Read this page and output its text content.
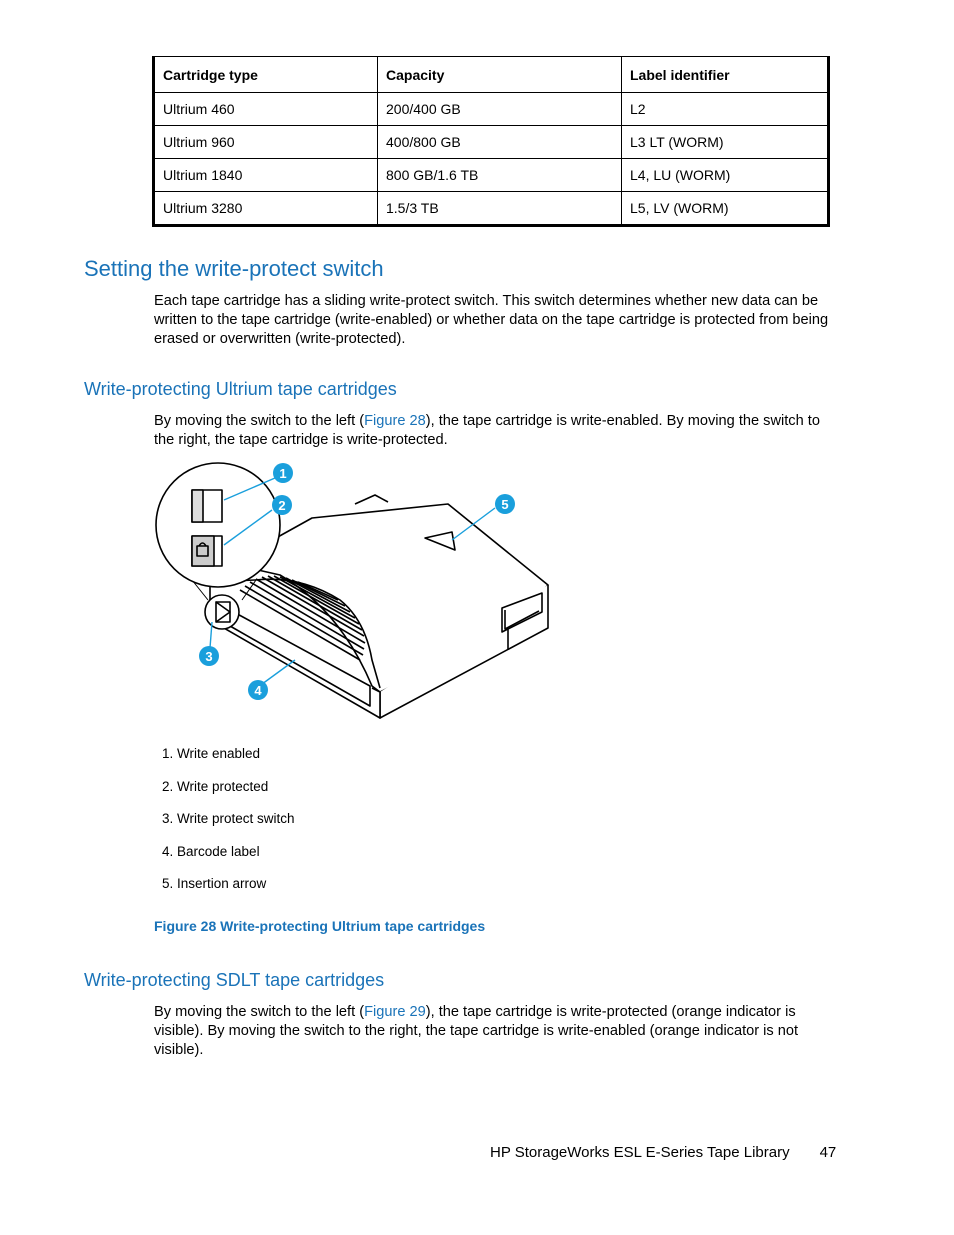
Cartridge type	Capacity	Label identifier
Ultrium 460	200/400 GB	L2
Ultrium 960	400/800 GB	L3 LT (WORM)
Ultrium 1840	800 GB/1.6 TB	L4, LU (WORM)
Ultrium 3280	1.5/3 TB	L5, LV (WORM)
Setting the write-protect switch

Each tape cartridge has a sliding write-protect switch. This switch determines whether new data can be written to the tape cartridge (write-enabled) or whether data on the tape cartridge is protected from being erased or overwritten (write-protected).

Write-protecting Ultrium tape cartridges

By moving the switch to the left (Figure 28), the tape cartridge is write-enabled. By moving the switch to the right, the tape cartridge is write-protected.

1
2
3
4
5
1. Write enabled
2. Write protected
3. Write protect switch
4. Barcode label
5. Insertion arrow
Figure 28 Write-protecting Ultrium tape cartridges
Write-protecting SDLT tape cartridges

By moving the switch to the left (Figure 29), the tape cartridge is write-protected (orange indicator is visible). By moving the switch to the right, the tape cartridge is write-enabled (orange indicator is not visible).

HP StorageWorks ESL E-Series Tape Library 47
